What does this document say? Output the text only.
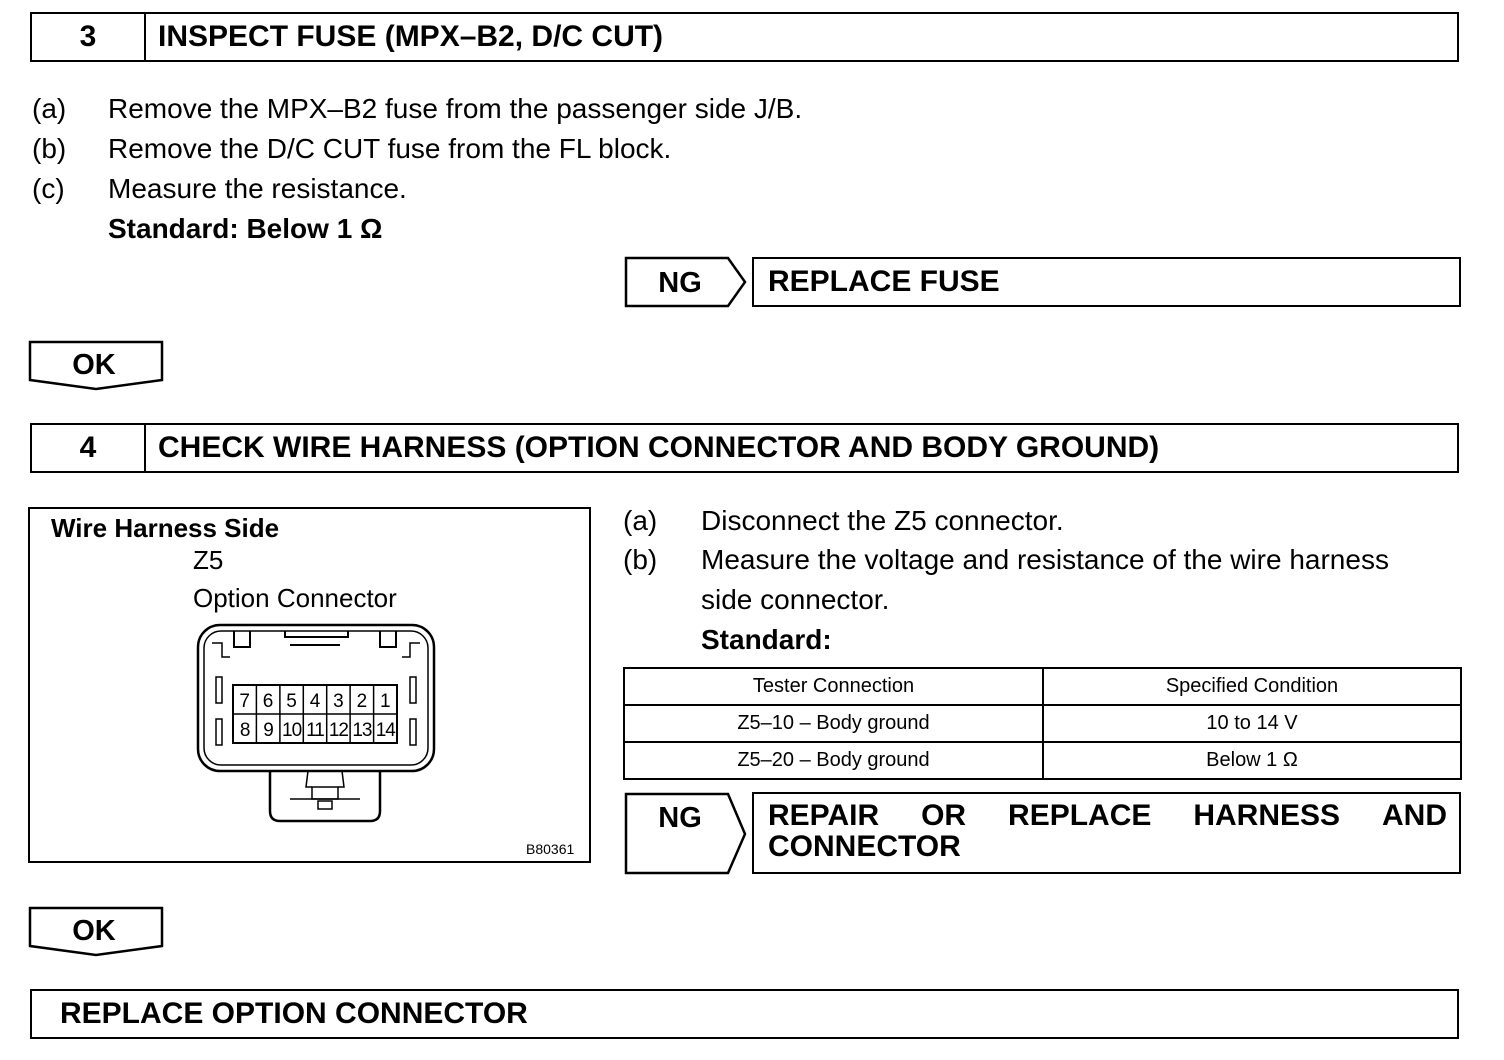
3	INSPECT FUSE (MPX–B2, D/C CUT)
(a) Remove the MPX–B2 fuse from the passenger side J/B.
(b) Remove the D/C CUT fuse from the FL block.
(c) Measure the resistance.
Standard: Below 1 Ω
NG	REPLACE FUSE
OK
4	CHECK WIRE HARNESS (OPTION CONNECTOR AND BODY GROUND)
Wire Harness Side
Z5
Option Connector
7 6 5 4 3 2 1
8 9 10 11 12 13 14
B80361
(a) Disconnect the Z5 connector.
(b) Measure the voltage and resistance of the wire harness
side connector.
Standard:
Tester Connection	Specified Condition
Z5–10 – Body ground	10 to 14 V
Z5–20 – Body ground	Below 1 Ω
NG REPAIR OR REPLACE HARNESS AND
CONNECTOR
OK
REPLACE OPTION CONNECTOR
